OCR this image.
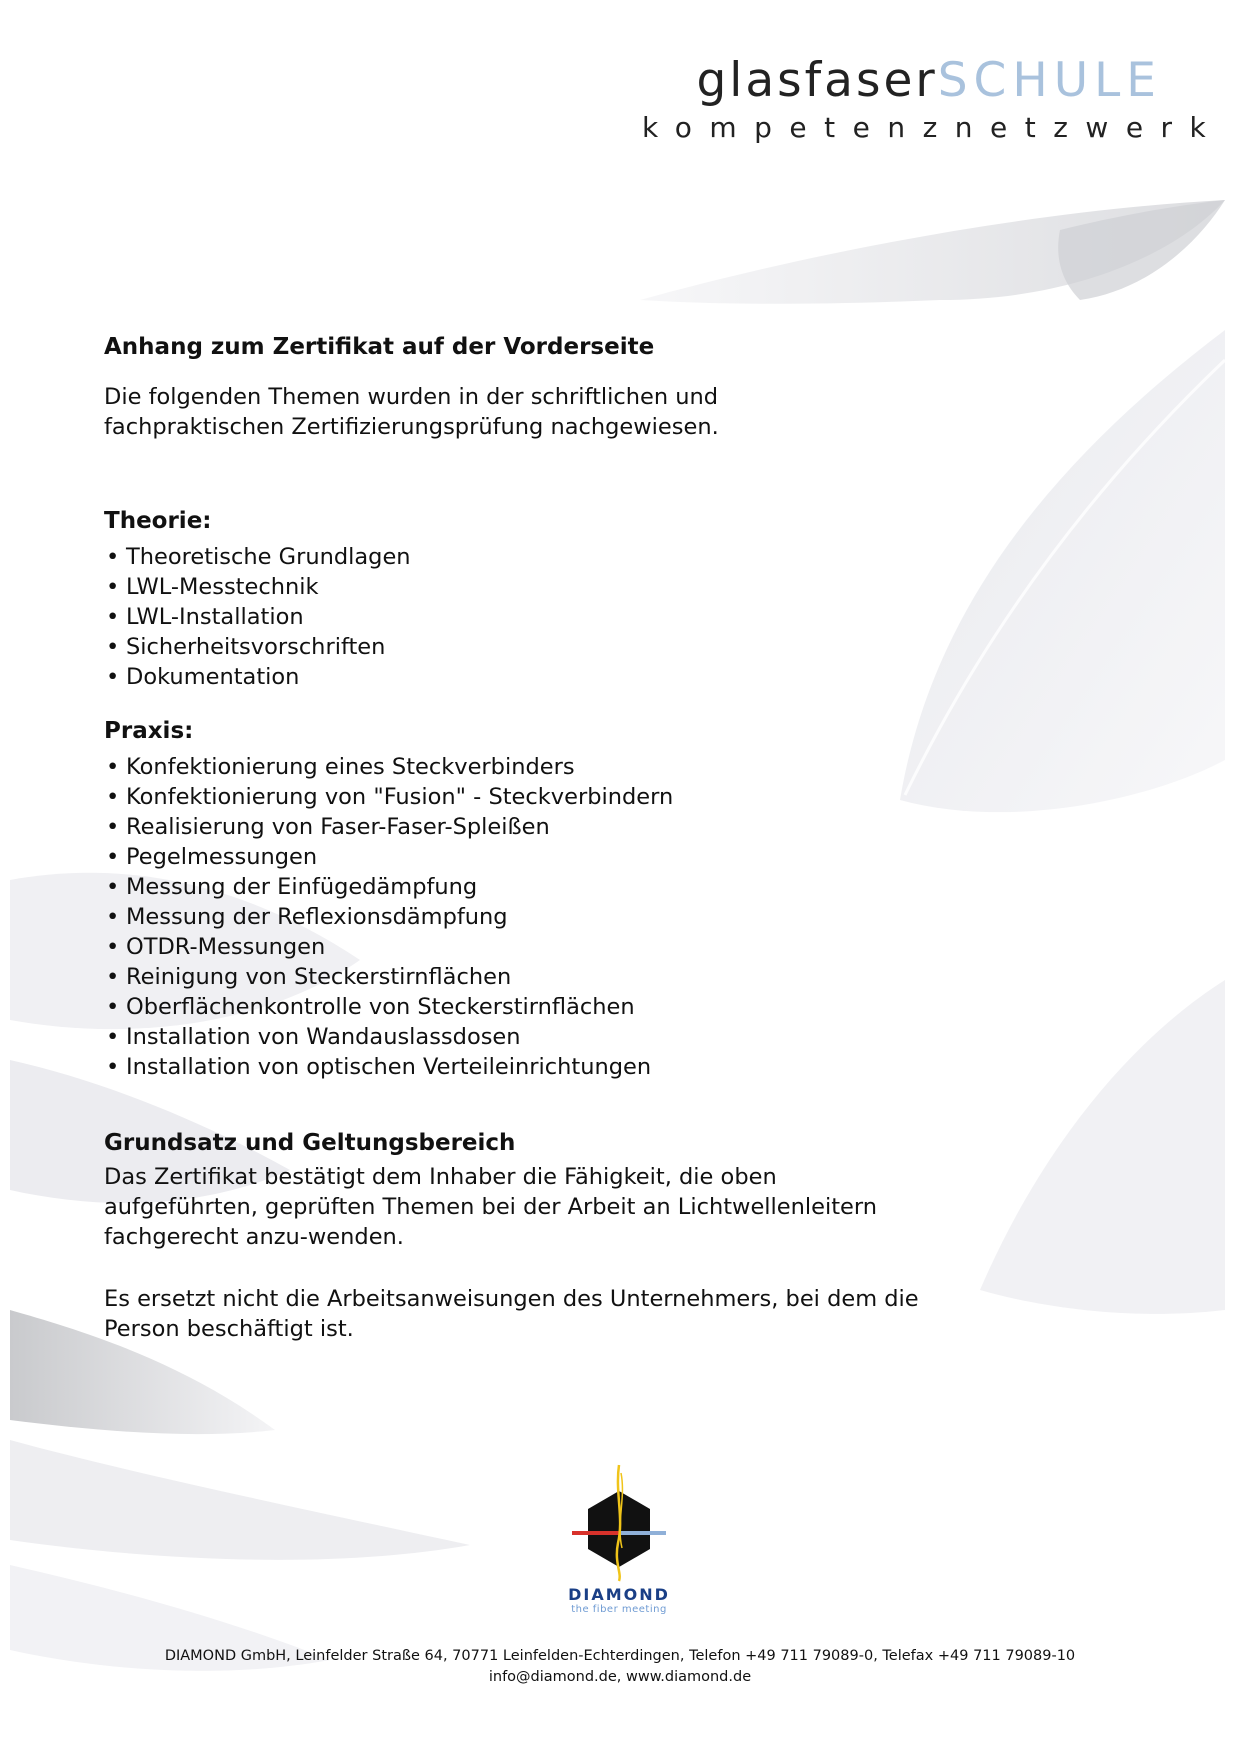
glasfaserSCHULE
kompetenznetzwerk
Anhang zum Zertifikat auf der Vorderseite

Die folgenden Themen wurden in der schriftlichen und fachpraktischen Zertifizierungsprüfung nachgewiesen.

Theorie:
• Theoretische Grundlagen
• LWL-Messtechnik
• LWL-Installation
• Sicherheitsvorschriften
• Dokumentation
Praxis:
• Konfektionierung eines Steckverbinders
• Konfektionierung von "Fusion" - Steckverbindern
• Realisierung von Faser-Faser-Spleißen
• Pegelmessungen
• Messung der Einfügedämpfung
• Messung der Reflexionsdämpfung
• OTDR-Messungen
• Reinigung von Steckerstirnflächen
• Oberflächenkontrolle von Steckerstirnflächen
• Installation von Wandauslassdosen
• Installation von optischen Verteileinrichtungen
Grundsatz und Geltungsbereich

Das Zertifikat bestätigt dem Inhaber die Fähigkeit, die oben aufgeführten, geprüften Themen bei der Arbeit an Lichtwellenleitern fachgerecht anzu-wenden.

Es ersetzt nicht die Arbeitsanweisungen des Unternehmers, bei dem die Person beschäftigt ist.

DIAMOND
the fiber meeting
DIAMOND GmbH, Leinfelder Straße 64, 70771 Leinfelden-Echterdingen, Telefon +49 711 79089-0, Telefax +49 711 79089-10
info@diamond.de, www.diamond.de
